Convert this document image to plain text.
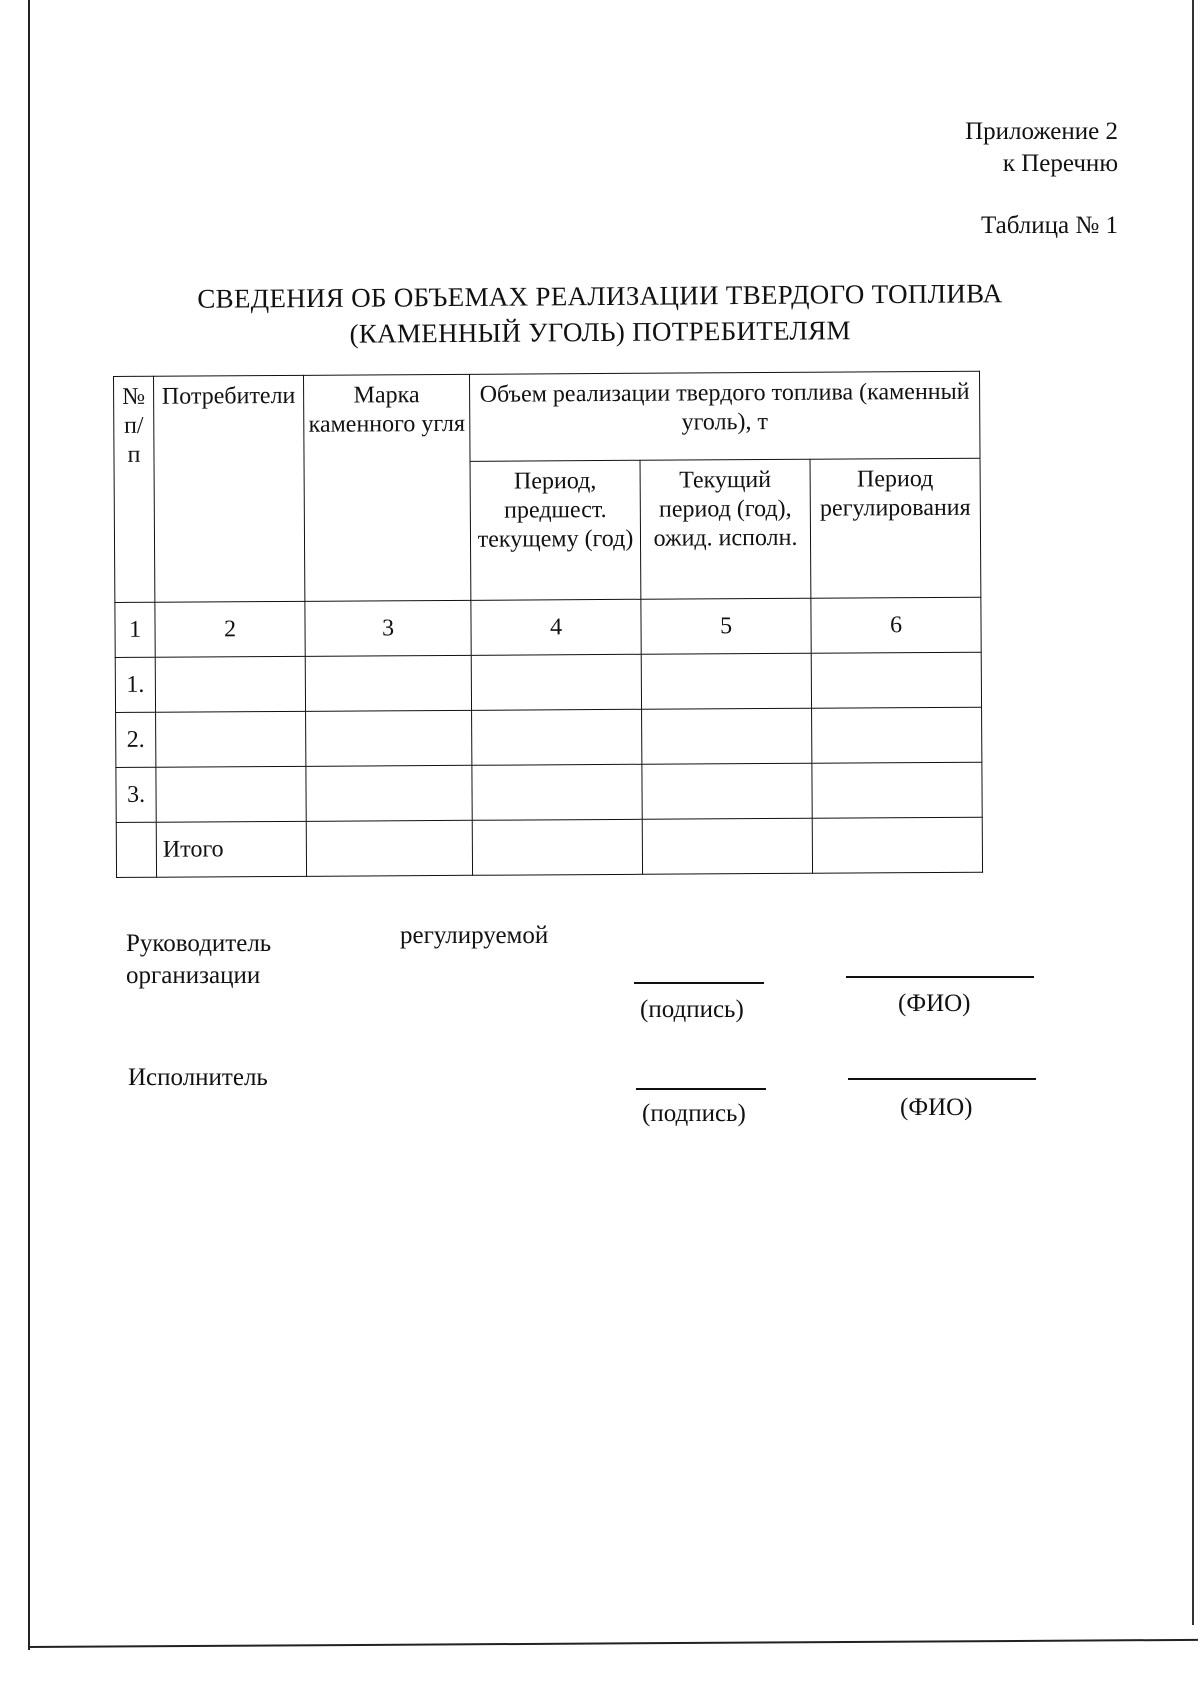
Приложение 2
к Перечню
Таблица № 1
СВЕДЕНИЯ ОБ ОБЪЕМАХ РЕАЛИЗАЦИИ ТВЕРДОГО ТОПЛИВА
(КАМЕННЫЙ УГОЛЬ) ПОТРЕБИТЕЛЯМ
№ п/п	Потребители	Марка каменного угля	Объем реализации твердого топлива (каменный уголь), т		
			Период, предшест. текущему (год)	Текущий период (год), ожид. исполн.	Период регулирования
1	2	3	4	5	6
1.					
2.					
3.					
	Итого				
Руководитель
организации
регулируемой
(подпись)	(ФИО)
Исполнитель
(подпись)	(ФИО)
